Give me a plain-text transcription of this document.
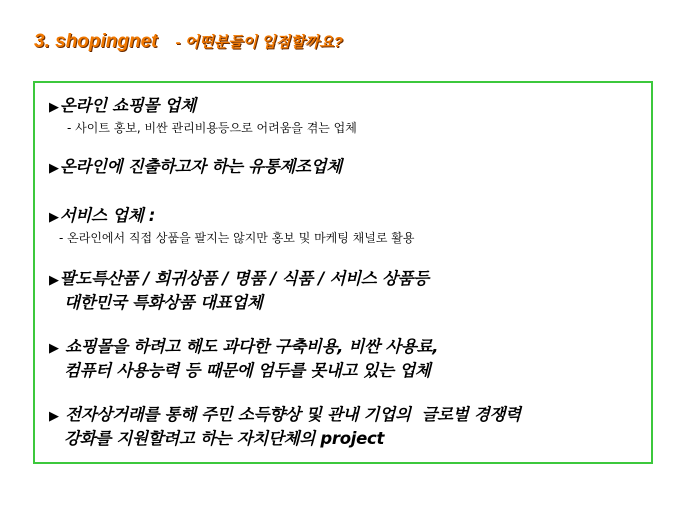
3. shopingnet - 어떤분들이 입점할까요?
▶온라인 쇼핑몰 업체
- 사이트 홍보, 비싼 관리비용등으로 어려움을 겪는 업체
▶온라인에 진출하고자 하는 유통제조업체
▶서비스 업체 :
- 온라인에서 직접 상품을 팔지는 않지만 홍보 및 마케팅 채널로 활용
▶팔도특산품 / 희귀상품 / 명품 / 식품 / 서비스 상품등
대한민국 특화상품 대표업체
▶ 쇼핑몰을 하려고 해도 과다한 구축비용, 비싼 사용료,
컴퓨터 사용능력 등 때문에 엄두를 못내고 있는 업체
▶ 전자상거래를 통해 주민 소득향상 및 관내 기업의  글로벌 경쟁력
강화를 지원할려고 하는 자치단체의 project
